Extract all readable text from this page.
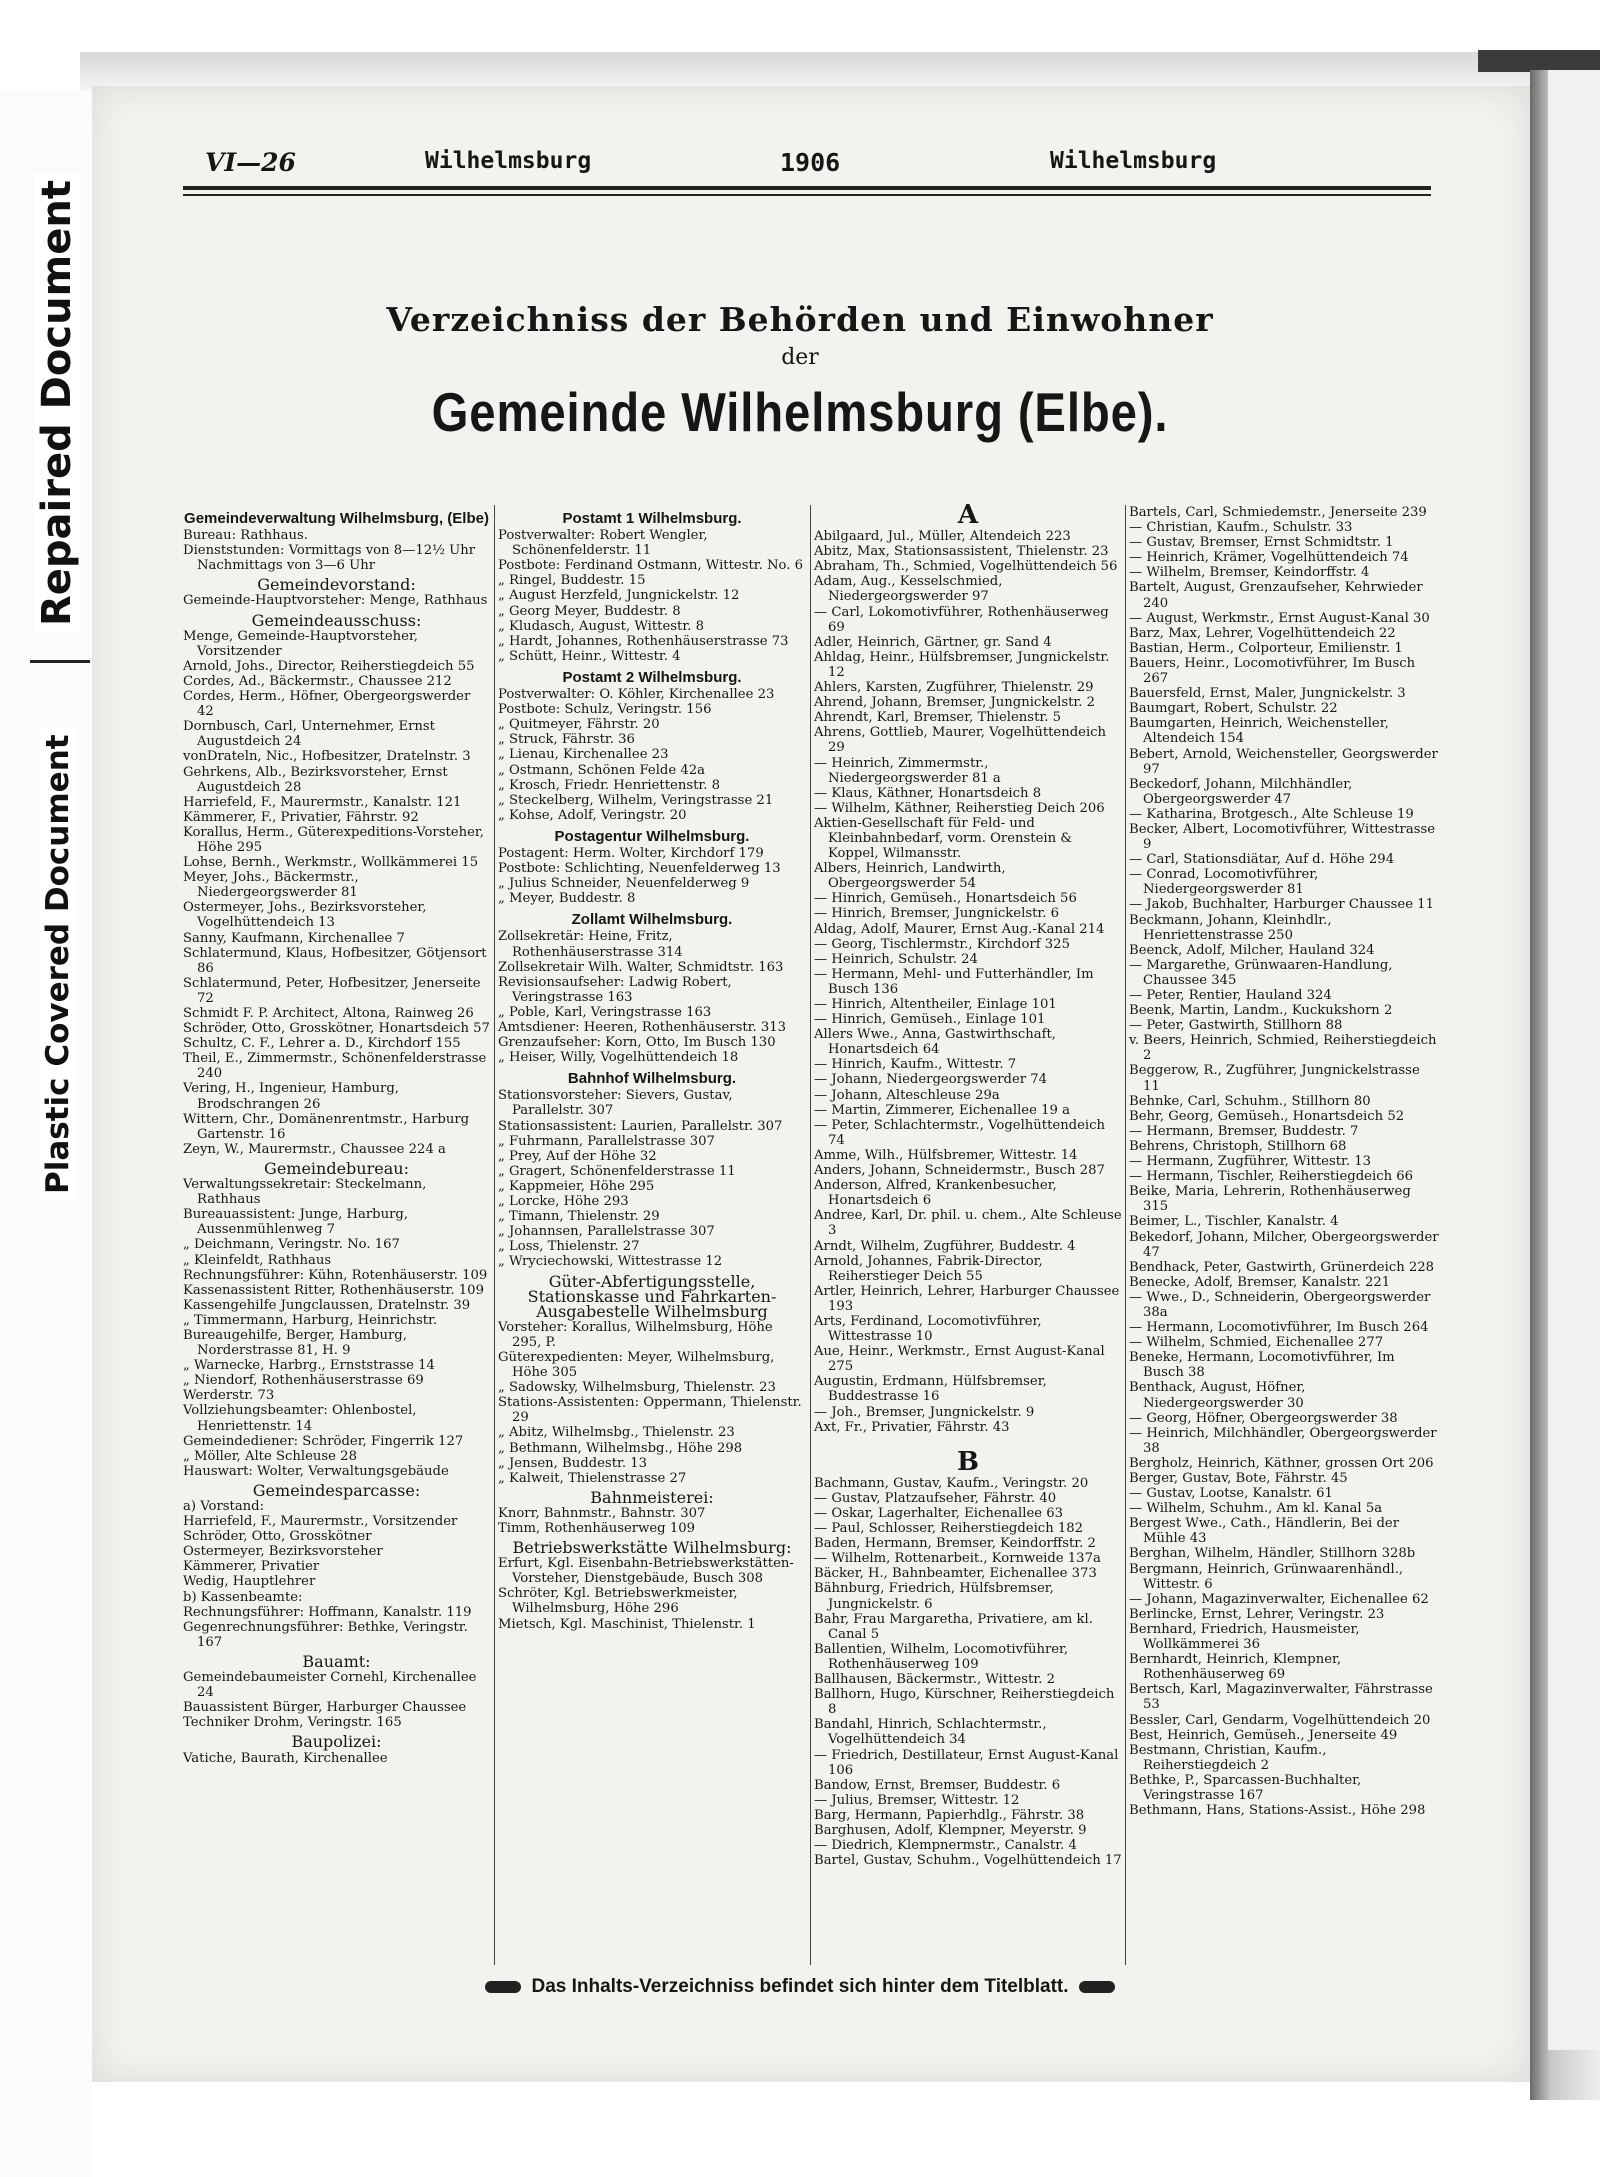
Repaired Document
Plastic Covered Document
VI—26	Wilhelmsburg	1906	Wilhelmsburg
Verzeichniss der Behörden und Einwohner
der
Gemeinde Wilhelmsburg (Elbe).

Gemeindeverwaltung Wilhelmsburg, (Elbe)

Bureau: Rathhaus.

Dienststunden: Vormittags von 8—12½ Uhr Nachmittags von 3—6 Uhr

Gemeindevorstand:

Gemeinde-Hauptvorsteher: Menge, Rathhaus

Gemeindeausschuss:

Menge, Gemeinde-Hauptvorsteher, Vorsitzender

Arnold, Johs., Director, Reiherstiegdeich 55

Cordes, Ad., Bäckermstr., Chaussee 212

Cordes, Herm., Höfner, Obergeorgswerder 42

Dornbusch, Carl, Unternehmer, Ernst Augustdeich 24

vonDrateln, Nic., Hofbesitzer, Dratelnstr. 3

Gehrkens, Alb., Bezirksvorsteher, Ernst Augustdeich 28

Harriefeld, F., Maurermstr., Kanalstr. 121

Kämmerer, F., Privatier, Fährstr. 92

Korallus, Herm., Güterexpeditions-Vorsteher, Höhe 295

Lohse, Bernh., Werkmstr., Wollkämmerei 15

Meyer, Johs., Bäckermstr., Niedergeorgswerder 81

Ostermeyer, Johs., Bezirksvorsteher, Vogelhüttendeich 13

Sanny, Kaufmann, Kirchenallee 7

Schlatermund, Klaus, Hofbesitzer, Götjensort 86

Schlatermund, Peter, Hofbesitzer, Jenerseite 72

Schmidt F. P. Architect, Altona, Rainweg 26

Schröder, Otto, Grosskötner, Honartsdeich 57

Schultz, C. F., Lehrer a. D., Kirchdorf 155

Theil, E., Zimmermstr., Schönenfelderstrasse 240

Vering, H., Ingenieur, Hamburg, Brodschrangen 26

Wittern, Chr., Domänenrentmstr., Harburg Gartenstr. 16

Zeyn, W., Maurermstr., Chaussee 224 a

Gemeindebureau:

Verwaltungssekretair: Steckelmann, Rathhaus

Bureauassistent: Junge, Harburg, Aussenmühlenweg 7

„ Deichmann, Veringstr. No. 167

„ Kleinfeldt, Rathhaus

Rechnungsführer: Kühn, Rotenhäuserstr. 109

Kassenassistent Ritter, Rothenhäuserstr. 109

Kassengehilfe Jungclaussen, Dratelnstr. 39

„ Timmermann, Harburg, Heinrichstr.

Bureaugehilfe, Berger, Hamburg, Norderstrasse 81, H. 9

„ Warnecke, Harbrg., Ernststrasse 14

„ Niendorf, Rothenhäuserstrasse 69

Werderstr. 73

Vollziehungsbeamter: Ohlenbostel, Henriettenstr. 14

Gemeindediener: Schröder, Fingerrik 127

„ Möller, Alte Schleuse 28

Hauswart: Wolter, Verwaltungsgebäude

Gemeindesparcasse:

a) Vorstand:

Harriefeld, F., Maurermstr., Vorsitzender

Schröder, Otto, Grosskötner

Ostermeyer, Bezirksvorsteher

Kämmerer, Privatier

Wedig, Hauptlehrer

b) Kassenbeamte:

Rechnungsführer: Hoffmann, Kanalstr. 119

Gegenrechnungsführer: Bethke, Veringstr. 167

Bauamt:

Gemeindebaumeister Cornehl, Kirchenallee 24

Bauassistent Bürger, Harburger Chaussee

Techniker Drohm, Veringstr. 165

Baupolizei:

Vatiche, Baurath, Kirchenallee

Postamt 1 Wilhelmsburg.

Postverwalter: Robert Wengler, Schönenfelderstr. 11

Postbote: Ferdinand Ostmann, Wittestr. No. 6

„ Ringel, Buddestr. 15

„ August Herzfeld, Jungnickelstr. 12

„ Georg Meyer, Buddestr. 8

„ Kludasch, August, Wittestr. 8

„ Hardt, Johannes, Rothenhäuserstrasse 73

„ Schütt, Heinr., Wittestr. 4

Postamt 2 Wilhelmsburg.

Postverwalter: O. Köhler, Kirchenallee 23

Postbote: Schulz, Veringstr. 156

„ Quitmeyer, Fährstr. 20

„ Struck, Fährstr. 36

„ Lienau, Kirchenallee 23

„ Ostmann, Schönen Felde 42a

„ Krosch, Friedr. Henriettenstr. 8

„ Steckelberg, Wilhelm, Veringstrasse 21

„ Kohse, Adolf, Veringstr. 20

Postagentur Wilhelmsburg.

Postagent: Herm. Wolter, Kirchdorf 179

Postbote: Schlichting, Neuenfelderweg 13

„ Julius Schneider, Neuenfelderweg 9

„ Meyer, Buddestr. 8

Zollamt Wilhelmsburg.

Zollsekretär: Heine, Fritz, Rothenhäuserstrasse 314

Zollsekretair Wilh. Walter, Schmidtstr. 163

Revisionsaufseher: Ladwig Robert, Veringstrasse 163

„ Poble, Karl, Veringstrasse 163

Amtsdiener: Heeren, Rothenhäuserstr. 313

Grenzaufseher: Korn, Otto, Im Busch 130

„ Heiser, Willy, Vogelhüttendeich 18

Bahnhof Wilhelmsburg.

Stationsvorsteher: Sievers, Gustav, Parallelstr. 307

Stationsassistent: Laurien, Parallelstr. 307

„ Fuhrmann, Parallelstrasse 307

„ Prey, Auf der Höhe 32

„ Gragert, Schönenfelderstrasse 11

„ Kappmeier, Höhe 295

„ Lorcke, Höhe 293

„ Timann, Thielenstr. 29

„ Johannsen, Parallelstrasse 307

„ Loss, Thielenstr. 27

„ Wryciechowski, Wittestrasse 12

Güter-Abfertigungsstelle, Stationskasse und Fahrkarten-Ausgabestelle Wilhelmsburg

Vorsteher: Korallus, Wilhelmsburg, Höhe 295, P.

Güterexpedienten: Meyer, Wilhelmsburg, Höhe 305

„ Sadowsky, Wilhelmsburg, Thielenstr. 23

Stations-Assistenten: Oppermann, Thielenstr. 29

„ Abitz, Wilhelmsbg., Thielenstr. 23

„ Bethmann, Wilhelmsbg., Höhe 298

„ Jensen, Buddestr. 13

„ Kalweit, Thielenstrasse 27

Bahnmeisterei:

Knorr, Bahnmstr., Bahnstr. 307

Timm, Rothenhäuserweg 109

Betriebswerkstätte Wilhelmsburg:

Erfurt, Kgl. Eisenbahn-Betriebswerkstätten-Vorsteher, Dienstgebäude, Busch 308

Schröter, Kgl. Betriebswerkmeister, Wilhelmsburg, Höhe 296

Mietsch, Kgl. Maschinist, Thielenstr. 1

A

Abilgaard, Jul., Müller, Altendeich 223

Abitz, Max, Stationsassistent, Thielenstr. 23

Abraham, Th., Schmied, Vogelhüttendeich 56

Adam, Aug., Kesselschmied, Niedergeorgswerder 97

— Carl, Lokomotivführer, Rothenhäuserweg 69

Adler, Heinrich, Gärtner, gr. Sand 4

Ahldag, Heinr., Hülfsbremser, Jungnickelstr. 12

Ahlers, Karsten, Zugführer, Thielenstr. 29

Ahrend, Johann, Bremser, Jungnickelstr. 2

Ahrendt, Karl, Bremser, Thielenstr. 5

Ahrens, Gottlieb, Maurer, Vogelhüttendeich 29

— Heinrich, Zimmermstr., Niedergeorgswerder 81 a

— Klaus, Käthner, Honartsdeich 8

— Wilhelm, Käthner, Reiherstieg Deich 206

Aktien-Gesellschaft für Feld- und Kleinbahnbedarf, vorm. Orenstein & Koppel, Wilmansstr.

Albers, Heinrich, Landwirth, Obergeorgswerder 54

— Hinrich, Gemüseh., Honartsdeich 56

— Hinrich, Bremser, Jungnickelstr. 6

Aldag, Adolf, Maurer, Ernst Aug.-Kanal 214

— Georg, Tischlermstr., Kirchdorf 325

— Heinrich, Schulstr. 24

— Hermann, Mehl- und Futterhändler, Im Busch 136

— Hinrich, Altentheiler, Einlage 101

— Hinrich, Gemüseh., Einlage 101

Allers Wwe., Anna, Gastwirthschaft, Honartsdeich 64

— Hinrich, Kaufm., Wittestr. 7

— Johann, Niedergeorgswerder 74

— Johann, Alteschleuse 29a

— Martin, Zimmerer, Eichenallee 19 a

— Peter, Schlachtermstr., Vogelhüttendeich 74

Amme, Wilh., Hülfsbremer, Wittestr. 14

Anders, Johann, Schneidermstr., Busch 287

Anderson, Alfred, Krankenbesucher, Honartsdeich 6

Andree, Karl, Dr. phil. u. chem., Alte Schleuse 3

Arndt, Wilhelm, Zugführer, Buddestr. 4

Arnold, Johannes, Fabrik-Director, Reiherstieger Deich 55

Artler, Heinrich, Lehrer, Harburger Chaussee 193

Arts, Ferdinand, Locomotivführer, Wittestrasse 10

Aue, Heinr., Werkmstr., Ernst August-Kanal 275

Augustin, Erdmann, Hülfsbremser, Buddestrasse 16

— Joh., Bremser, Jungnickelstr. 9

Axt, Fr., Privatier, Fährstr. 43

B

Bachmann, Gustav, Kaufm., Veringstr. 20

— Gustav, Platzaufseher, Fährstr. 40

— Oskar, Lagerhalter, Eichenallee 63

— Paul, Schlosser, Reiherstiegdeich 182

Baden, Hermann, Bremser, Keindorffstr. 2

— Wilhelm, Rottenarbeit., Kornweide 137a

Bäcker, H., Bahnbeamter, Eichenallee 373

Bähnburg, Friedrich, Hülfsbremser, Jungnickelstr. 6

Bahr, Frau Margaretha, Privatiere, am kl. Canal 5

Ballentien, Wilhelm, Locomotivführer, Rothenhäuserweg 109

Ballhausen, Bäckermstr., Wittestr. 2

Ballhorn, Hugo, Kürschner, Reiherstiegdeich 8

Bandahl, Hinrich, Schlachtermstr., Vogelhüttendeich 34

— Friedrich, Destillateur, Ernst August-Kanal 106

Bandow, Ernst, Bremser, Buddestr. 6

— Julius, Bremser, Wittestr. 12

Barg, Hermann, Papierhdlg., Fährstr. 38

Barghusen, Adolf, Klempner, Meyerstr. 9

— Diedrich, Klempnermstr., Canalstr. 4

Bartel, Gustav, Schuhm., Vogelhüttendeich 17

Bartels, Carl, Schmiedemstr., Jenerseite 239

— Christian, Kaufm., Schulstr. 33

— Gustav, Bremser, Ernst Schmidtstr. 1

— Heinrich, Krämer, Vogelhüttendeich 74

— Wilhelm, Bremser, Keindorffstr. 4

Bartelt, August, Grenzaufseher, Kehrwieder 240

— August, Werkmstr., Ernst August-Kanal 30

Barz, Max, Lehrer, Vogelhüttendeich 22

Bastian, Herm., Colporteur, Emilienstr. 1

Bauers, Heinr., Locomotivführer, Im Busch 267

Bauersfeld, Ernst, Maler, Jungnickelstr. 3

Baumgart, Robert, Schulstr. 22

Baumgarten, Heinrich, Weichensteller, Altendeich 154

Bebert, Arnold, Weichensteller, Georgswerder 97

Beckedorf, Johann, Milchhändler, Obergeorgswerder 47

— Katharina, Brotgesch., Alte Schleuse 19

Becker, Albert, Locomotivführer, Wittestrasse 9

— Carl, Stationsdiätar, Auf d. Höhe 294

— Conrad, Locomotivführer, Niedergeorgswerder 81

— Jakob, Buchhalter, Harburger Chaussee 11

Beckmann, Johann, Kleinhdlr., Henriettenstrasse 250

Beenck, Adolf, Milcher, Hauland 324

— Margarethe, Grünwaaren-Handlung, Chaussee 345

— Peter, Rentier, Hauland 324

Beenk, Martin, Landm., Kuckukshorn 2

— Peter, Gastwirth, Stillhorn 88

v. Beers, Heinrich, Schmied, Reiherstiegdeich 2

Beggerow, R., Zugführer, Jungnickelstrasse 11

Behnke, Carl, Schuhm., Stillhorn 80

Behr, Georg, Gemüseh., Honartsdeich 52

— Hermann, Bremser, Buddestr. 7

Behrens, Christoph, Stillhorn 68

— Hermann, Zugführer, Wittestr. 13

— Hermann, Tischler, Reiherstiegdeich 66

Beike, Maria, Lehrerin, Rothenhäuserweg 315

Beimer, L., Tischler, Kanalstr. 4

Bekedorf, Johann, Milcher, Obergeorgswerder 47

Bendhack, Peter, Gastwirth, Grünerdeich 228

Benecke, Adolf, Bremser, Kanalstr. 221

— Wwe., D., Schneiderin, Obergeorgswerder 38a

— Hermann, Locomotivführer, Im Busch 264

— Wilhelm, Schmied, Eichenallee 277

Beneke, Hermann, Locomotivführer, Im Busch 38

Benthack, August, Höfner, Niedergeorgswerder 30

— Georg, Höfner, Obergeorgswerder 38

— Heinrich, Milchhändler, Obergeorgswerder 38

Bergholz, Heinrich, Käthner, grossen Ort 206

Berger, Gustav, Bote, Fährstr. 45

— Gustav, Lootse, Kanalstr. 61

— Wilhelm, Schuhm., Am kl. Kanal 5a

Bergest Wwe., Cath., Händlerin, Bei der Mühle 43

Berghan, Wilhelm, Händler, Stillhorn 328b

Bergmann, Heinrich, Grünwaarenhändl., Wittestr. 6

— Johann, Magazinverwalter, Eichenallee 62

Berlincke, Ernst, Lehrer, Veringstr. 23

Bernhard, Friedrich, Hausmeister, Wollkämmerei 36

Bernhardt, Heinrich, Klempner, Rothenhäuserweg 69

Bertsch, Karl, Magazinverwalter, Fährstrasse 53

Bessler, Carl, Gendarm, Vogelhüttendeich 20

Best, Heinrich, Gemüseh., Jenerseite 49

Bestmann, Christian, Kaufm., Reiherstiegdeich 2

Bethke, P., Sparcassen-Buchhalter, Veringstrasse 167

Bethmann, Hans, Stations-Assist., Höhe 298

Das Inhalts-Verzeichniss befindet sich hinter dem Titelblatt.
